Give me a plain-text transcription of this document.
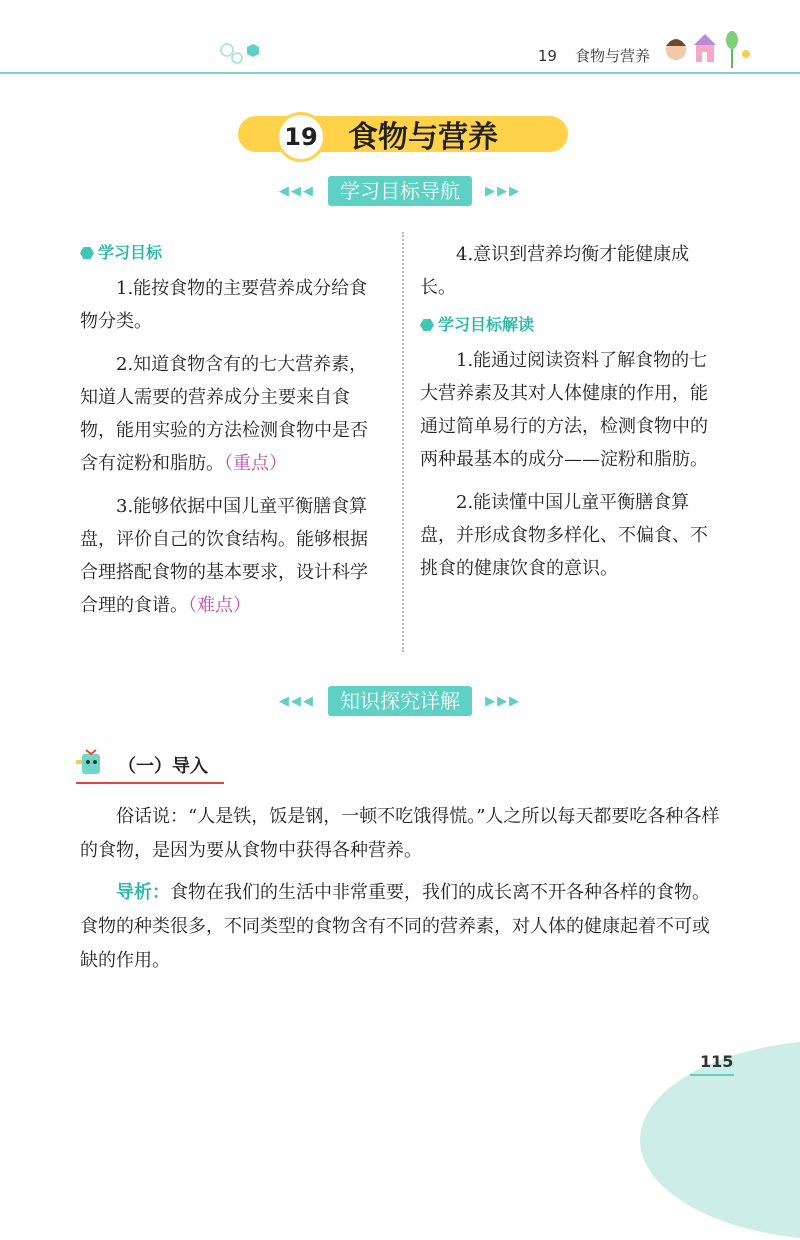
19 食物与营养
19 食物与营养
◀◀◀ 学习目标导航 ▶▶▶
学习目标

1.能按食物的主要营养成分给食物分类。

2.知道食物含有的七大营养素，知道人需要的营养成分主要来自食物，能用实验的方法检测食物中是否含有淀粉和脂肪。（重点）

3.能够依据中国儿童平衡膳食算盘，评价自己的饮食结构。能够根据合理搭配食物的基本要求，设计科学合理的食谱。（难点）

4.意识到营养均衡才能健康成长。

学习目标解读

1.能通过阅读资料了解食物的七大营养素及其对人体健康的作用，能通过简单易行的方法，检测食物中的两种最基本的成分——淀粉和脂肪。

2.能读懂中国儿童平衡膳食算盘，并形成食物多样化、不偏食、不挑食的健康饮食的意识。

◀◀◀ 知识探究详解 ▶▶▶
（一）导入

俗话说：“人是铁，饭是钢，一顿不吃饿得慌。”人之所以每天都要吃各种各样的食物，是因为要从食物中获得各种营养。

导析：食物在我们的生活中非常重要，我们的成长离不开各种各样的食物。食物的种类很多，不同类型的食物含有不同的营养素，对人体的健康起着不可或缺的作用。

115
